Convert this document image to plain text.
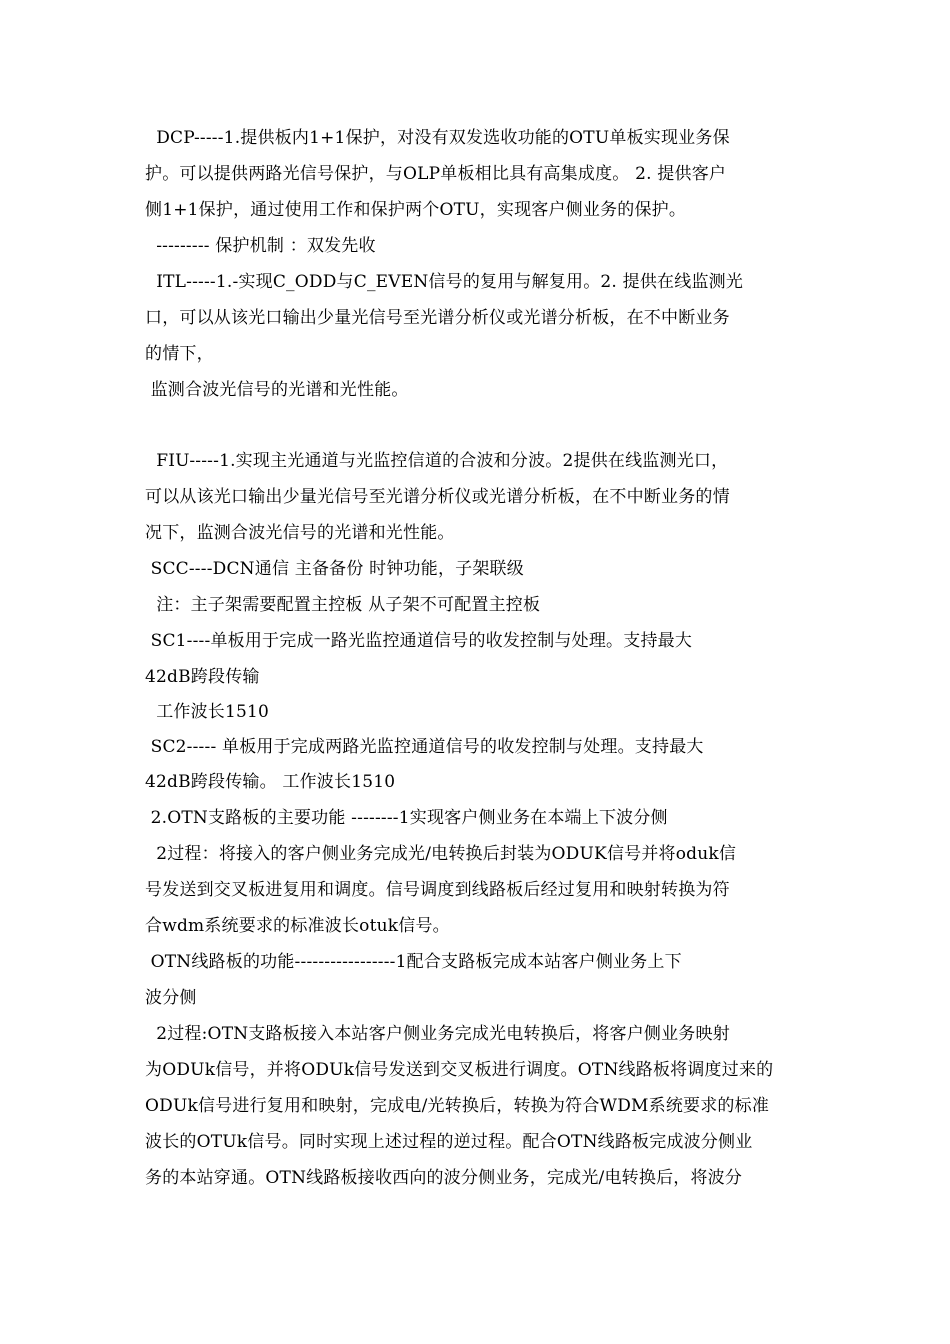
DCP-----1.提供板内1+1保护，对没有双发选收功能的OTU单板实现业务保
护。可以提供两路光信号保护，与OLP单板相比具有高集成度。 2. 提供客户
侧1+1保护，通过使用工作和保护两个OTU，实现客户侧业务的保护。
--------- 保护机制 ：双发先收
ITL-----1.-实现C_ODD与C_EVEN信号的复用与解复用。2. 提供在线监测光
口，可以从该光口输出少量光信号至光谱分析仪或光谱分析板，在不中断业务
的情下，
监测合波光信号的光谱和光性能。
FIU-----1.实现主光通道与光监控信道的合波和分波。2提供在线监测光口，
可以从该光口输出少量光信号至光谱分析仪或光谱分析板，在不中断业务的情
况下，监测合波光信号的光谱和光性能。
SCC----DCN通信 主备备份 时钟功能，子架联级
注：主子架需要配置主控板 从子架不可配置主控板
SC1----单板用于完成一路光监控通道信号的收发控制与处理。支持最大
42dB跨段传输
工作波长1510
SC2----- 单板用于完成两路光监控通道信号的收发控制与处理。支持最大
42dB跨段传输。 工作波长1510
2.OTN支路板的主要功能 --------1实现客户侧业务在本端上下波分侧
2过程：将接入的客户侧业务完成光/电转换后封装为ODUK信号并将oduk信
号发送到交叉板进复用和调度。信号调度到线路板后经过复用和映射转换为符
合wdm系统要求的标准波长otuk信号。
OTN线路板的功能-----------------1配合支路板完成本站客户侧业务上下
波分侧
2过程:OTN支路板接入本站客户侧业务完成光电转换后，将客户侧业务映射
为ODUk信号，并将ODUk信号发送到交叉板进行调度。OTN线路板将调度过来的
ODUk信号进行复用和映射，完成电/光转换后，转换为符合WDM系统要求的标准
波长的OTUk信号。同时实现上述过程的逆过程。配合OTN线路板完成波分侧业
务的本站穿通。OTN线路板接收西向的波分侧业务，完成光/电转换后，将波分
